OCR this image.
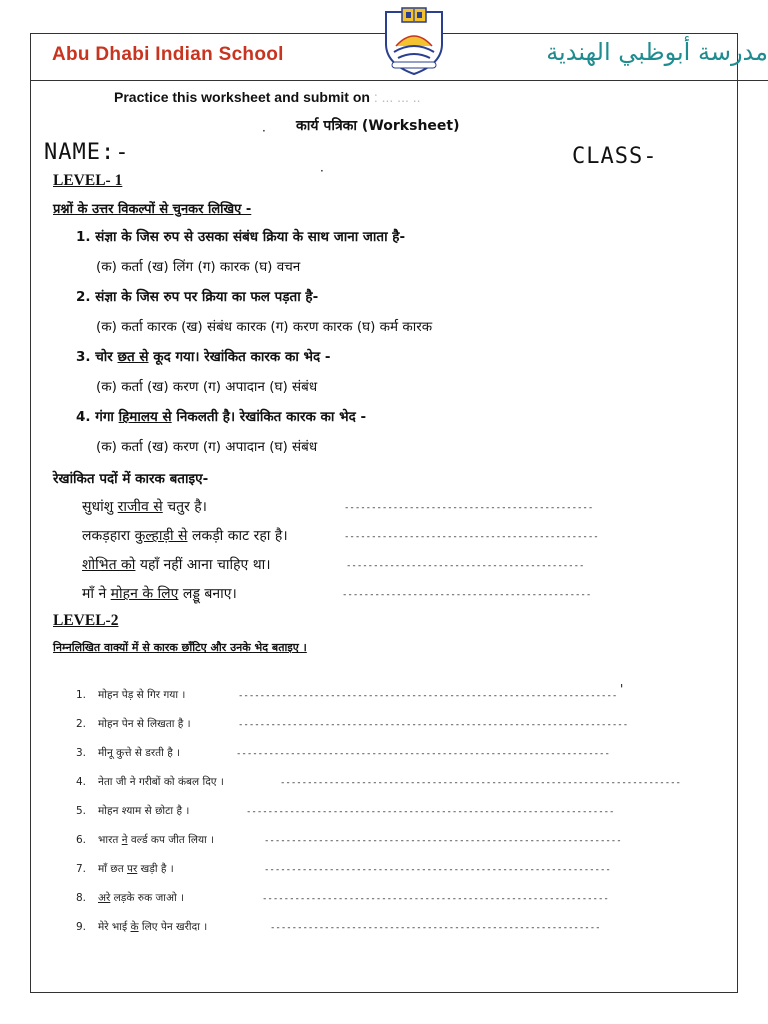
Abu Dhabi Indian School	مدرسة أبوظبي الهندية
Practice this worksheet and submit on : ... ... ..
कार्य पत्रिका (Worksheet)
·
·
NAME:-	CLASS-
LEVEL- 1
प्रश्नों के उत्तर विकल्पों से चुनकर लिखिए -
1. संज्ञा के जिस रुप से उसका संबंध क्रिया के साथ जाना जाता है-
(क) कर्ता (ख) लिंग (ग) कारक (घ) वचन
2. संज्ञा के जिस रुप पर क्रिया का फल पड़ता है-
(क) कर्ता कारक (ख) संबंध कारक (ग) करण कारक (घ) कर्म कारक
3. चोर छत से कूद गया। रेखांकित कारक का भेद -
(क) कर्ता (ख) करण (ग) अपादान (घ) संबंध
4. गंगा हिमालय से निकलती है। रेखांकित कारक का भेद -
(क) कर्ता (ख) करण (ग) अपादान (घ) संबंध
रेखांकित पदों में कारक बताइए-
सुधांशु राजीव से चतुर है।	----------------------------------------------
लकड़हारा कुल्हाड़ी से लकड़ी काट रहा है।	-----------------------------------------------
शोभित को यहाँ नहीं आना चाहिए था।	--------------------------------------------
माँ ने मोहन के लिए लड्डू बनाए।	----------------------------------------------
LEVEL-2
निम्नलिखित वाक्यों में से कारक छाँटिए और उनके भेद बताइए ।
1. मोहन पेड़ से गिर गया ।	---------------------------------------------------------------------- '
2. मोहन पेन से लिखता है ।	------------------------------------------------------------------------
3. मीनू कुत्ते से डरती है ।	---------------------------------------------------------------------
4. नेता जी ने गरीबों को कंबल दिए ।	--------------------------------------------------------------------------
5. मोहन श्याम से छोटा है ।	--------------------------------------------------------------------
6. भारत ने वर्ल्ड कप जीत लिया ।	------------------------------------------------------------------
7. माँ छत पर खड़ी है ।	----------------------------------------------------------------
8. अरे लड़के रुक जाओ ।	----------------------------------------------------------------
9. मेरे भाई के लिए पेन खरीदा ।	-------------------------------------------------------------
